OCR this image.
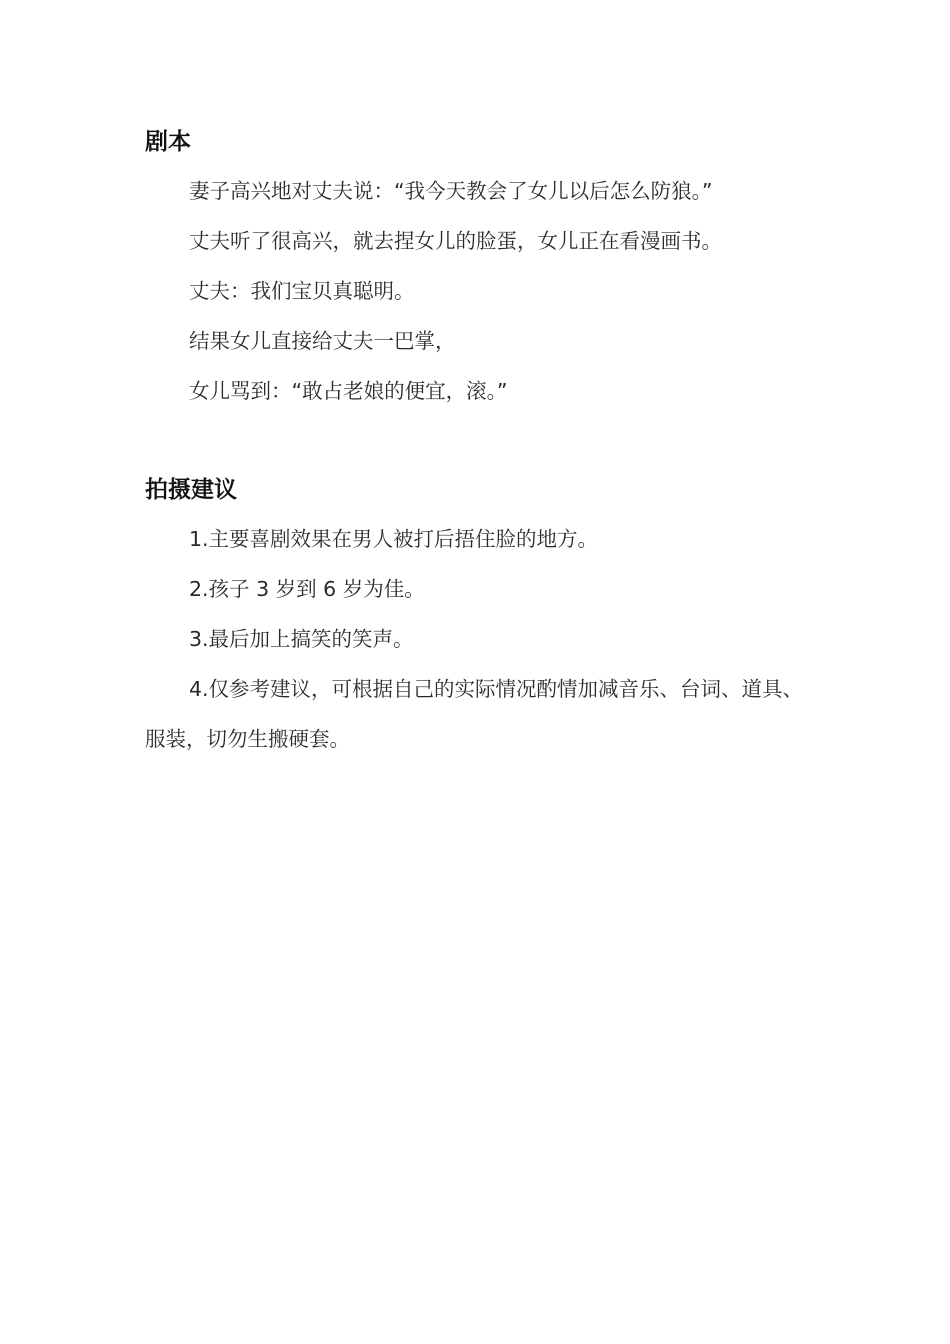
剧本

妻子高兴地对丈夫说：“我今天教会了女儿以后怎么防狼。”

丈夫听了很高兴，就去捏女儿的脸蛋，女儿正在看漫画书。

丈夫：我们宝贝真聪明。

结果女儿直接给丈夫一巴掌，

女儿骂到：“敢占老娘的便宜，滚。”

拍摄建议

1.主要喜剧效果在男人被打后捂住脸的地方。

2.孩子 3 岁到 6 岁为佳。

3.最后加上搞笑的笑声。

4.仅参考建议，可根据自己的实际情况酌情加减音乐、台词、道具、服装，切勿生搬硬套。
